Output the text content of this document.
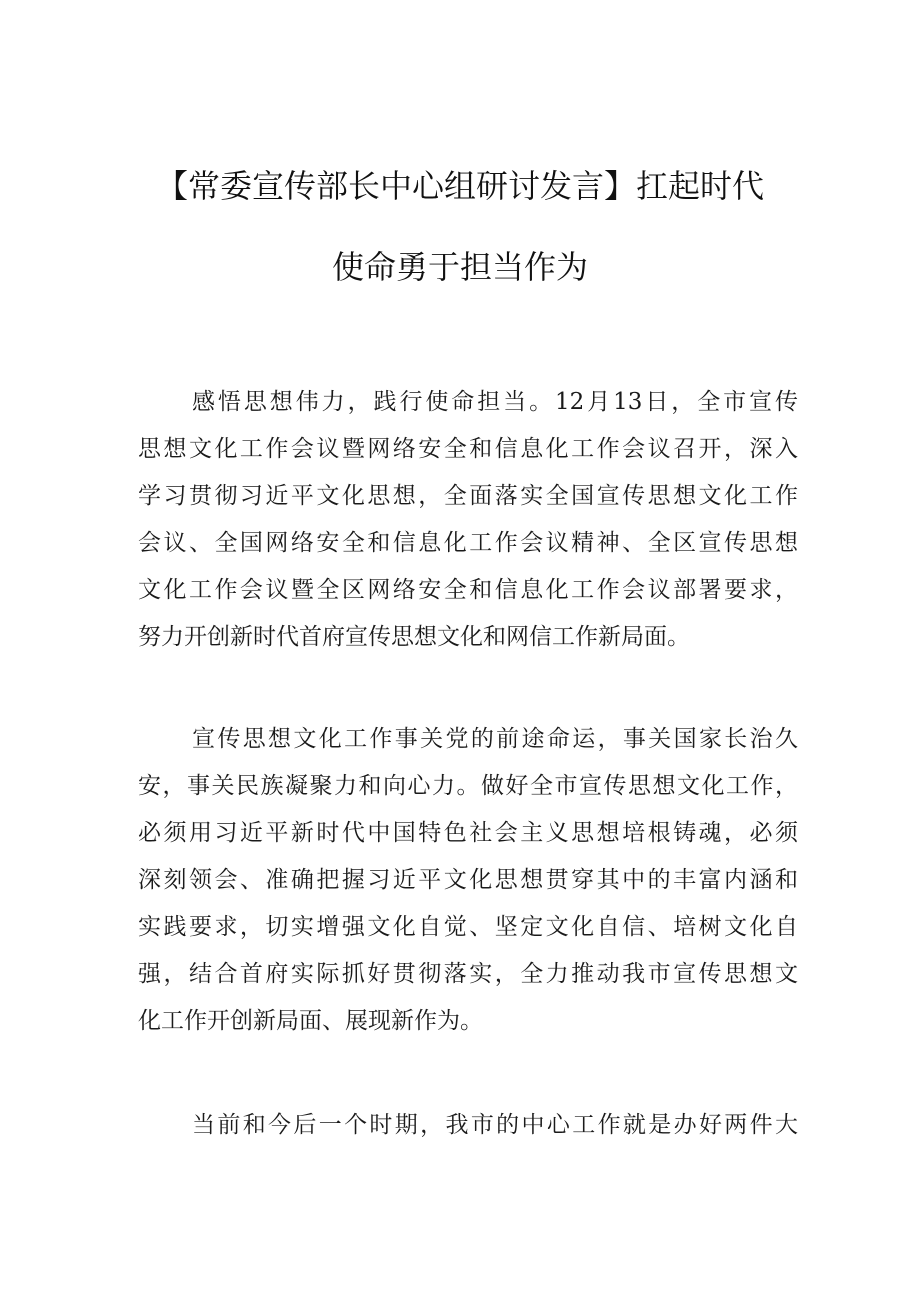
【常委宣传部长中心组研讨发言】扛起时代
使命勇于担当作为
感悟思想伟力，践行使命担当。12月13日，全市宣传
思想文化工作会议暨网络安全和信息化工作会议召开，深入
学习贯彻习近平文化思想，全面落实全国宣传思想文化工作
会议、全国网络安全和信息化工作会议精神、全区宣传思想
文化工作会议暨全区网络安全和信息化工作会议部署要求，
努力开创新时代首府宣传思想文化和网信工作新局面。
宣传思想文化工作事关党的前途命运，事关国家长治久
安，事关民族凝聚力和向心力。做好全市宣传思想文化工作，
必须用习近平新时代中国特色社会主义思想培根铸魂，必须
深刻领会、准确把握习近平文化思想贯穿其中的丰富内涵和
实践要求，切实增强文化自觉、坚定文化自信、培树文化自
强，结合首府实际抓好贯彻落实，全力推动我市宣传思想文
化工作开创新局面、展现新作为。
当前和今后一个时期，我市的中心工作就是办好两件大
